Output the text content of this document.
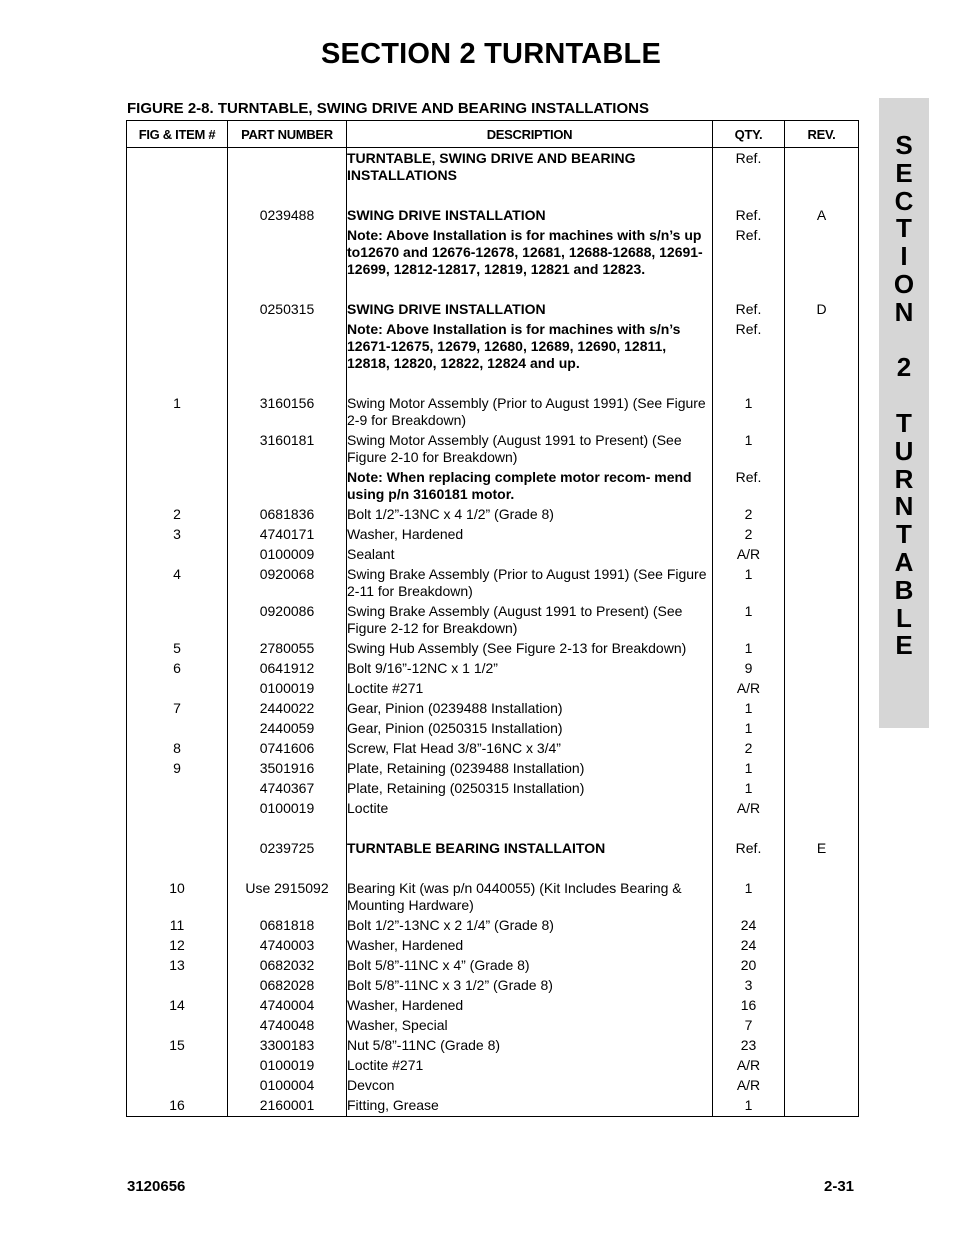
SECTION 2 TURNTABLE
FIGURE 2-8. TURNTABLE, SWING DRIVE AND BEARING INSTALLATIONS
S
E
C
T
I
O
N
2
T
U
R
N
T
A
B
L
E
FIG & ITEM #	PART NUMBER	DESCRIPTION	QTY.	REV.
		TURNTABLE, SWING DRIVE AND BEARING INSTALLATIONS	Ref.	

	0239488	SWING DRIVE INSTALLATION	Ref.	A
		Note: Above Installation is for machines with s/n’s up to12670 and 12676-12678, 12681, 12688-12688, 12691-12699, 12812-12817, 12819, 12821 and 12823.	Ref.	

	0250315	SWING DRIVE INSTALLATION	Ref.	D
		Note: Above Installation is for machines with s/n’s 12671-12675, 12679, 12680, 12689, 12690, 12811, 12818, 12820, 12822, 12824 and up.	Ref.	

1	3160156	Swing Motor Assembly (Prior to August 1991) (See Figure 2-9 for Breakdown)	1	
	3160181	Swing Motor Assembly (August 1991 to Present) (See Figure 2-10 for Breakdown)	1	
		Note: When replacing complete motor recom- mend using p/n 3160181 motor.	Ref.	
2	0681836	Bolt 1/2”-13NC x 4 1/2” (Grade 8)	2	
3	4740171	Washer, Hardened	2	
	0100009	Sealant	A/R	
4	0920068	Swing Brake Assembly (Prior to August 1991) (See Figure 2-11 for Breakdown)	1	
	0920086	Swing Brake Assembly (August 1991 to Present) (See Figure 2-12 for Breakdown)	1	
5	2780055	Swing Hub Assembly (See Figure 2-13 for Breakdown)	1	
6	0641912	Bolt 9/16”-12NC x 1 1/2”	9	
	0100019	Loctite #271	A/R	
7	2440022	Gear, Pinion (0239488 Installation)	1	
	2440059	Gear, Pinion (0250315 Installation)	1	
8	0741606	Screw, Flat Head 3/8”-16NC x 3/4”	2	
9	3501916	Plate, Retaining (0239488 Installation)	1	
	4740367	Plate, Retaining (0250315 Installation)	1	
	0100019	Loctite	A/R	

	0239725	TURNTABLE BEARING INSTALLAITON	Ref.	E

10	Use 2915092	Bearing Kit (was p/n 0440055) (Kit Includes Bearing & Mounting Hardware)	1	
11	0681818	Bolt 1/2”-13NC x 2 1/4” (Grade 8)	24	
12	4740003	Washer, Hardened	24	
13	0682032	Bolt 5/8”-11NC x 4” (Grade 8)	20	
	0682028	Bolt 5/8”-11NC x 3 1/2” (Grade 8)	3	
14	4740004	Washer, Hardened	16	
	4740048	Washer, Special	7	
15	3300183	Nut 5/8”-11NC (Grade 8)	23	
	0100019	Loctite #271	A/R	
	0100004	Devcon	A/R	
16	2160001	Fitting, Grease	1	
3120656	2-31
